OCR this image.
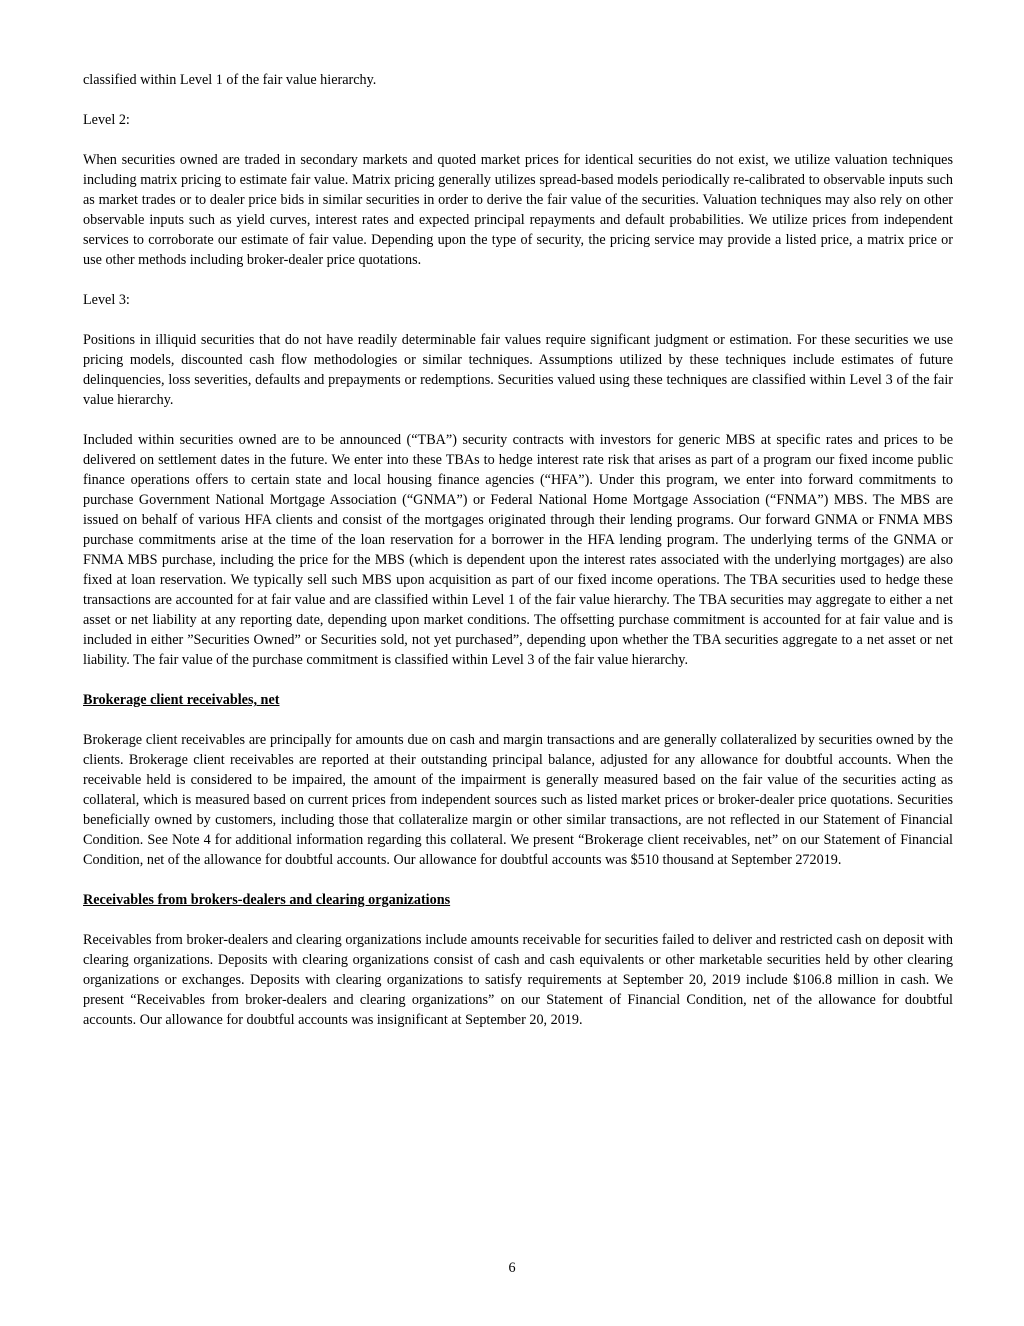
classified within Level 1 of the fair value hierarchy.

Level 2:

When securities owned are traded in secondary markets and quoted market prices for identical securities do not exist, we utilize valuation techniques including matrix pricing to estimate fair value. Matrix pricing generally utilizes spread-based models periodically re-calibrated to observable inputs such as market trades or to dealer price bids in similar securities in order to derive the fair value of the securities. Valuation techniques may also rely on other observable inputs such as yield curves, interest rates and expected principal repayments and default probabilities. We utilize prices from independent services to corroborate our estimate of fair value. Depending upon the type of security, the pricing service may provide a listed price, a matrix price or use other methods including broker-dealer price quotations.

Level 3:

Positions in illiquid securities that do not have readily determinable fair values require significant judgment or estimation. For these securities we use pricing models, discounted cash flow methodologies or similar techniques. Assumptions utilized by these techniques include estimates of future delinquencies, loss severities, defaults and prepayments or redemptions. Securities valued using these techniques are classified within Level 3 of the fair value hierarchy.

Included within securities owned are to be announced (“TBA”) security contracts with investors for generic MBS at specific rates and prices to be delivered on settlement dates in the future. We enter into these TBAs to hedge interest rate risk that arises as part of a program our fixed income public finance operations offers to certain state and local housing finance agencies (“HFA”). Under this program, we enter into forward commitments to purchase Government National Mortgage Association (“GNMA”) or Federal National Home Mortgage Association (“FNMA”) MBS. The MBS are issued on behalf of various HFA clients and consist of the mortgages originated through their lending programs. Our forward GNMA or FNMA MBS purchase commitments arise at the time of the loan reservation for a borrower in the HFA lending program. The underlying terms of the GNMA or FNMA MBS purchase, including the price for the MBS (which is dependent upon the interest rates associated with the underlying mortgages) are also fixed at loan reservation. We typically sell such MBS upon acquisition as part of our fixed income operations. The TBA securities used to hedge these transactions are accounted for at fair value and are classified within Level 1 of the fair value hierarchy. The TBA securities may aggregate to either a net asset or net liability at any reporting date, depending upon market conditions. The offsetting purchase commitment is accounted for at fair value and is included in either ”Securities Owned” or Securities sold, not yet purchased”, depending upon whether the TBA securities aggregate to a net asset or net liability. The fair value of the purchase commitment is classified within Level 3 of the fair value hierarchy.

Brokerage client receivables, net

Brokerage client receivables are principally for amounts due on cash and margin transactions and are generally collateralized by securities owned by the clients. Brokerage client receivables are reported at their outstanding principal balance, adjusted for any allowance for doubtful accounts. When the receivable held is considered to be impaired, the amount of the impairment is generally measured based on the fair value of the securities acting as collateral, which is measured based on current prices from independent sources such as listed market prices or broker-dealer price quotations. Securities beneficially owned by customers, including those that collateralize margin or other similar transactions, are not reflected in our Statement of Financial Condition. See Note 4 for additional information regarding this collateral. We present “Brokerage client receivables, net” on our Statement of Financial Condition, net of the allowance for doubtful accounts. Our allowance for doubtful accounts was $510 thousand at September 272019.

Receivables from brokers-dealers and clearing organizations

Receivables from broker-dealers and clearing organizations include amounts receivable for securities failed to deliver and restricted cash on deposit with clearing organizations. Deposits with clearing organizations consist of cash and cash equivalents or other marketable securities held by other clearing organizations or exchanges. Deposits with clearing organizations to satisfy requirements at September 20, 2019 include $106.8 million in cash. We present “Receivables from broker-dealers and clearing organizations” on our Statement of Financial Condition, net of the allowance for doubtful accounts. Our allowance for doubtful accounts was insignificant at September 20, 2019.

6
